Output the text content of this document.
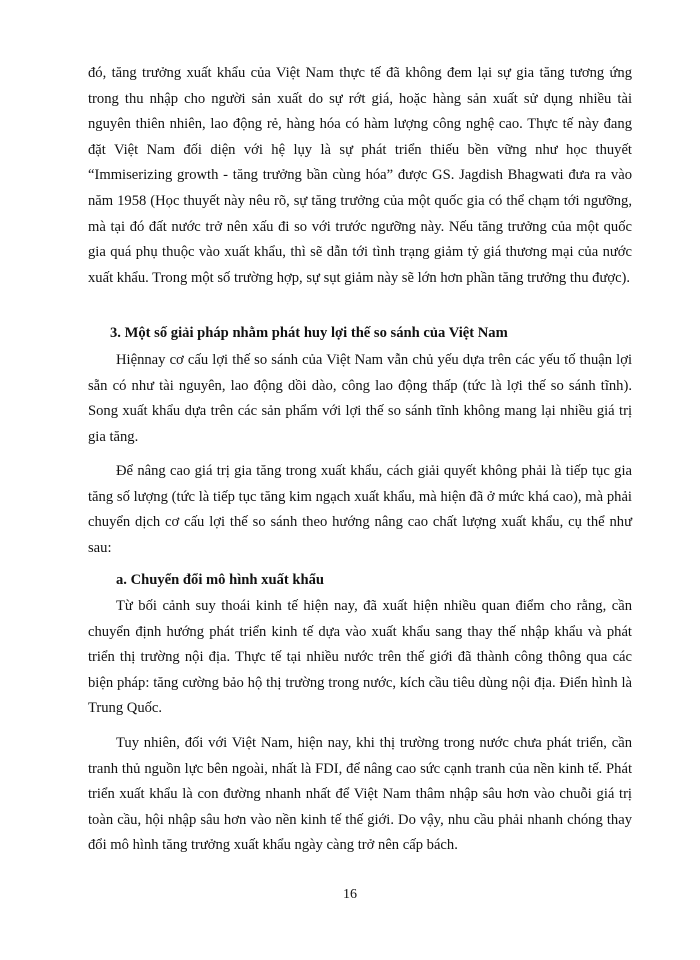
đó, tăng trưởng xuất khẩu của Việt Nam thực tế đã không đem lại sự gia tăng tương ứng trong thu nhập cho người sản xuất do sự rớt giá, hoặc hàng sản xuất sử dụng nhiều tài nguyên thiên nhiên, lao động rẻ, hàng hóa có hàm lượng công nghệ cao. Thực tế này đang đặt Việt Nam đối diện với hệ lụy là sự phát triển thiếu bền vững như học thuyết “Immiserizing growth - tăng trưởng bần cùng hóa” được GS. Jagdish Bhagwati đưa ra vào năm 1958 (Học thuyết này nêu rõ, sự tăng trưởng của một quốc gia có thể chạm tới ngưỡng, mà tại đó đất nước trở nên xấu đi so với trước ngưỡng này. Nếu tăng trưởng của một quốc gia quá phụ thuộc vào xuất khẩu, thì sẽ dẫn tới tình trạng giảm tỷ giá thương mại của nước xuất khẩu. Trong một số trường hợp, sự sụt giảm này sẽ lớn hơn phần tăng trưởng thu được).

3. Một số giải pháp nhằm phát huy lợi thế so sánh của Việt Nam

Hiệnnay cơ cấu lợi thế so sánh của Việt Nam vẫn chủ yếu dựa trên các yếu tố thuận lợi sẵn có như tài nguyên, lao động dồi dào, công lao động thấp (tức là lợi thế so sánh tĩnh). Song xuất khẩu dựa trên các sản phẩm với lợi thế so sánh tĩnh không mang lại nhiều giá trị gia tăng.

Để nâng cao giá trị gia tăng trong xuất khẩu, cách giải quyết không phải là tiếp tục gia tăng số lượng (tức là tiếp tục tăng kim ngạch xuất khẩu, mà hiện đã ở mức khá cao), mà phải chuyển dịch cơ cấu lợi thế so sánh theo hướng nâng cao chất lượng xuất khẩu, cụ thể như sau:

a. Chuyển đổi mô hình xuất khẩu

Từ bối cảnh suy thoái kinh tế hiện nay, đã xuất hiện nhiều quan điểm cho rằng, cần chuyển định hướng phát triển kinh tế dựa vào xuất khẩu sang thay thế nhập khẩu và phát triển thị trường nội địa. Thực tế tại nhiều nước trên thế giới đã thành công thông qua các biện pháp: tăng cường bảo hộ thị trường trong nước, kích cầu tiêu dùng nội địa. Điển hình là Trung Quốc.

Tuy nhiên, đối với Việt Nam, hiện nay, khi thị trường trong nước chưa phát triển, cần tranh thủ nguồn lực bên ngoài, nhất là FDI, để nâng cao sức cạnh tranh của nền kinh tế. Phát triển xuất khẩu là con đường nhanh nhất để Việt Nam thâm nhập sâu hơn vào chuỗi giá trị toàn cầu, hội nhập sâu hơn vào nền kinh tế thế giới. Do vậy, nhu cầu phải nhanh chóng thay đổi mô hình tăng trưởng xuất khẩu ngày càng trở nên cấp bách.

16
